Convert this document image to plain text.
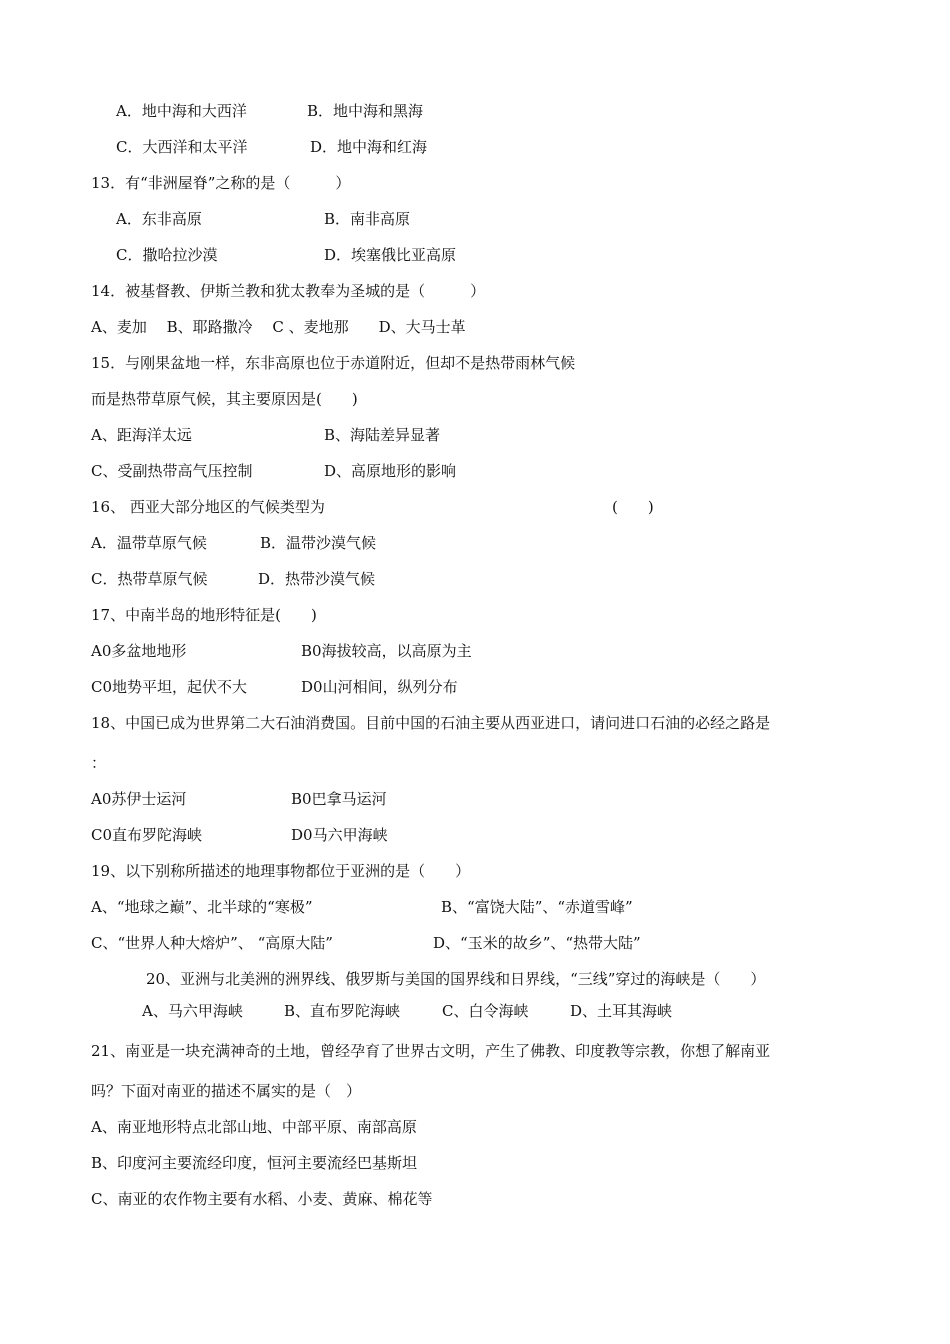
A．地中海和大西洋	B．地中海和黑海
C．大西洋和太平洋	D．地中海和红海
13．有“非洲屋脊”之称的是（　　　）
A．东非高原	B．南非高原
C．撒哈拉沙漠	D．埃塞俄比亚高原
14．被基督教、伊斯兰教和犹太教奉为圣城的是（　　　）
A、麦加　 B、耶路撒冷　 C 、麦地那　　D、大马士革
15．与刚果盆地一样，东非高原也位于赤道附近，但却不是热带雨林气候
而是热带草原气候，其主要原因是(　　)
A、距海洋太远	B、海陆差异显著
C、受副热带高气压控制	D、高原地形的影响
16、 西亚大部分地区的气候类型为	(　　)
A．温带草原气候	B．温带沙漠气候
C．热带草原气候	D．热带沙漠气候
17、中南半岛的地形特征是(　　)
A0多盆地地形	B0海拔较高，以高原为主
C0地势平坦，起伏不大	D0山河相间，纵列分布
18、中国已成为世界第二大石油消费国。目前中国的石油主要从西亚进口，请问进口石油的必经之路是
：
A0苏伊士运河	B0巴拿马运河
C0直布罗陀海峡	D0马六甲海峡
19、以下别称所描述的地理事物都位于亚洲的是（　　）
A、“地球之巅”、北半球的“寒极”	B、“富饶大陆”、“赤道雪峰”
C、“世界人种大熔炉”、 “高原大陆”	D、“玉米的故乡”、“热带大陆”
20、亚洲与北美洲的洲界线、俄罗斯与美国的国界线和日界线，“三线”穿过的海峡是（　　）
A、马六甲海峡	B、直布罗陀海峡	C、白令海峡	D、土耳其海峡
21、南亚是一块充满神奇的土地，曾经孕育了世界古文明，产生了佛教、印度教等宗教，你想了解南亚
吗？下面对南亚的描述不属实的是（　）
A、南亚地形特点北部山地、中部平原、南部高原
B、印度河主要流经印度，恒河主要流经巴基斯坦
C、南亚的农作物主要有水稻、小麦、黄麻、棉花等
